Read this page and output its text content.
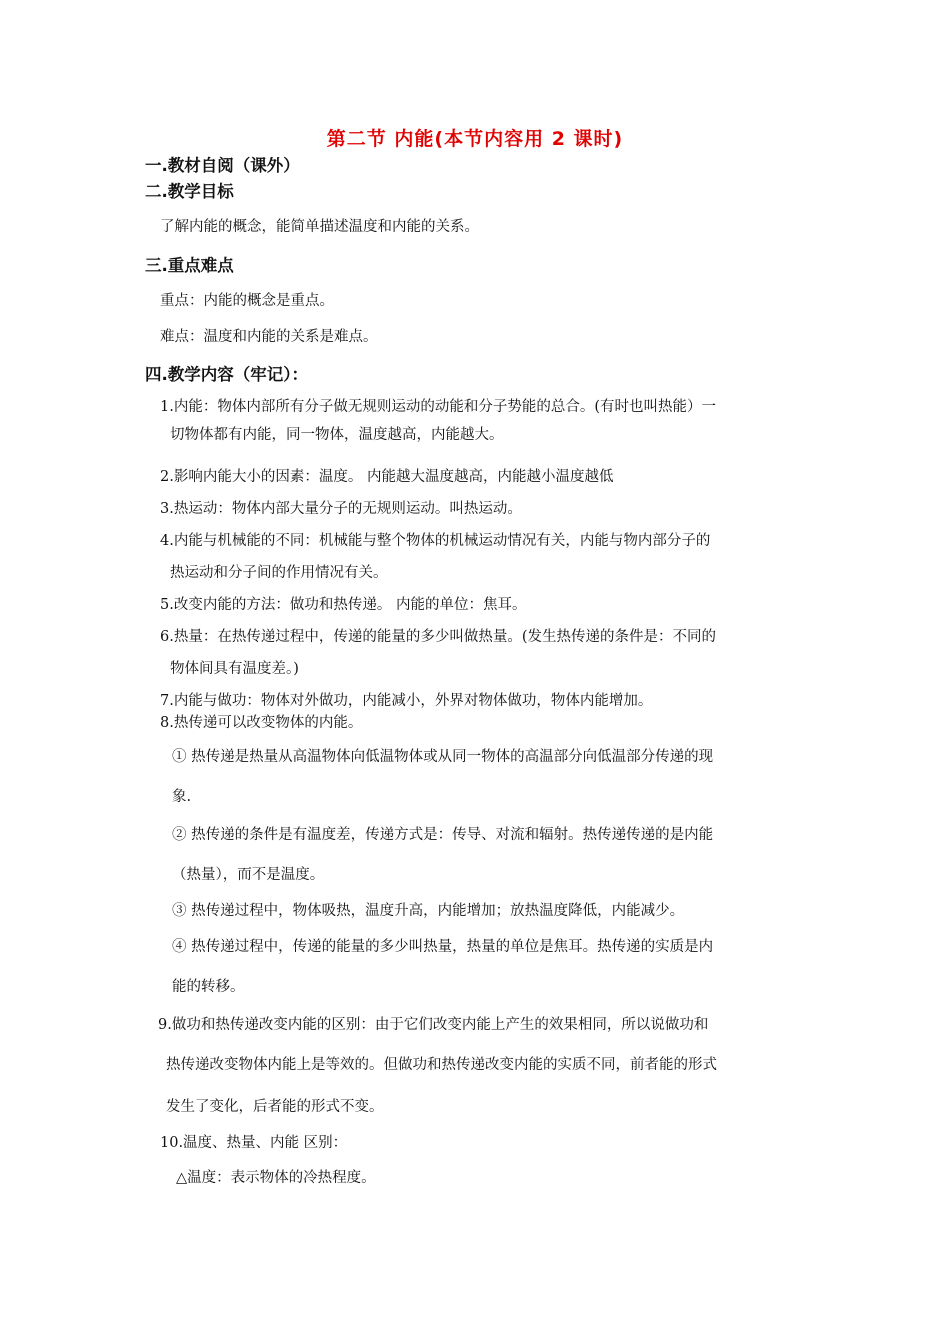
第二节 内能(本节内容用 2 课时)
一.教材自阅（课外）
二.教学目标
了解内能的概念，能简单描述温度和内能的关系。
三.重点难点
重点：内能的概念是重点。
难点：温度和内能的关系是难点。
四.教学内容（牢记）：
1.内能：物体内部所有分子做无规则运动的动能和分子势能的总合。(有时也叫热能）一
切物体都有内能，同一物体，温度越高，内能越大。
2.影响内能大小的因素：温度。 内能越大温度越高，内能越小温度越低
3.热运动：物体内部大量分子的无规则运动。叫热运动。
4.内能与机械能的不同：机械能与整个物体的机械运动情况有关，内能与物内部分子的
热运动和分子间的作用情况有关。
5.改变内能的方法：做功和热传递。 内能的单位：焦耳。
6.热量：在热传递过程中，传递的能量的多少叫做热量。(发生热传递的条件是：不同的
物体间具有温度差。)
7.内能与做功：物体对外做功，内能减小，外界对物体做功，物体内能增加。
8.热传递可以改变物体的内能。
① 热传递是热量从高温物体向低温物体或从同一物体的高温部分向低温部分传递的现
象.
② 热传递的条件是有温度差，传递方式是：传导、对流和辐射。热传递传递的是内能
（热量），而不是温度。
③ 热传递过程中，物体吸热，温度升高，内能增加；放热温度降低，内能减少。
④ 热传递过程中，传递的能量的多少叫热量，热量的单位是焦耳。热传递的实质是内
能的转移。
9.做功和热传递改变内能的区别：由于它们改变内能上产生的效果相同，所以说做功和
热传递改变物体内能上是等效的。但做功和热传递改变内能的实质不同，前者能的形式
发生了变化，后者能的形式不变。
10.温度、热量、内能 区别：
△温度：表示物体的冷热程度。
